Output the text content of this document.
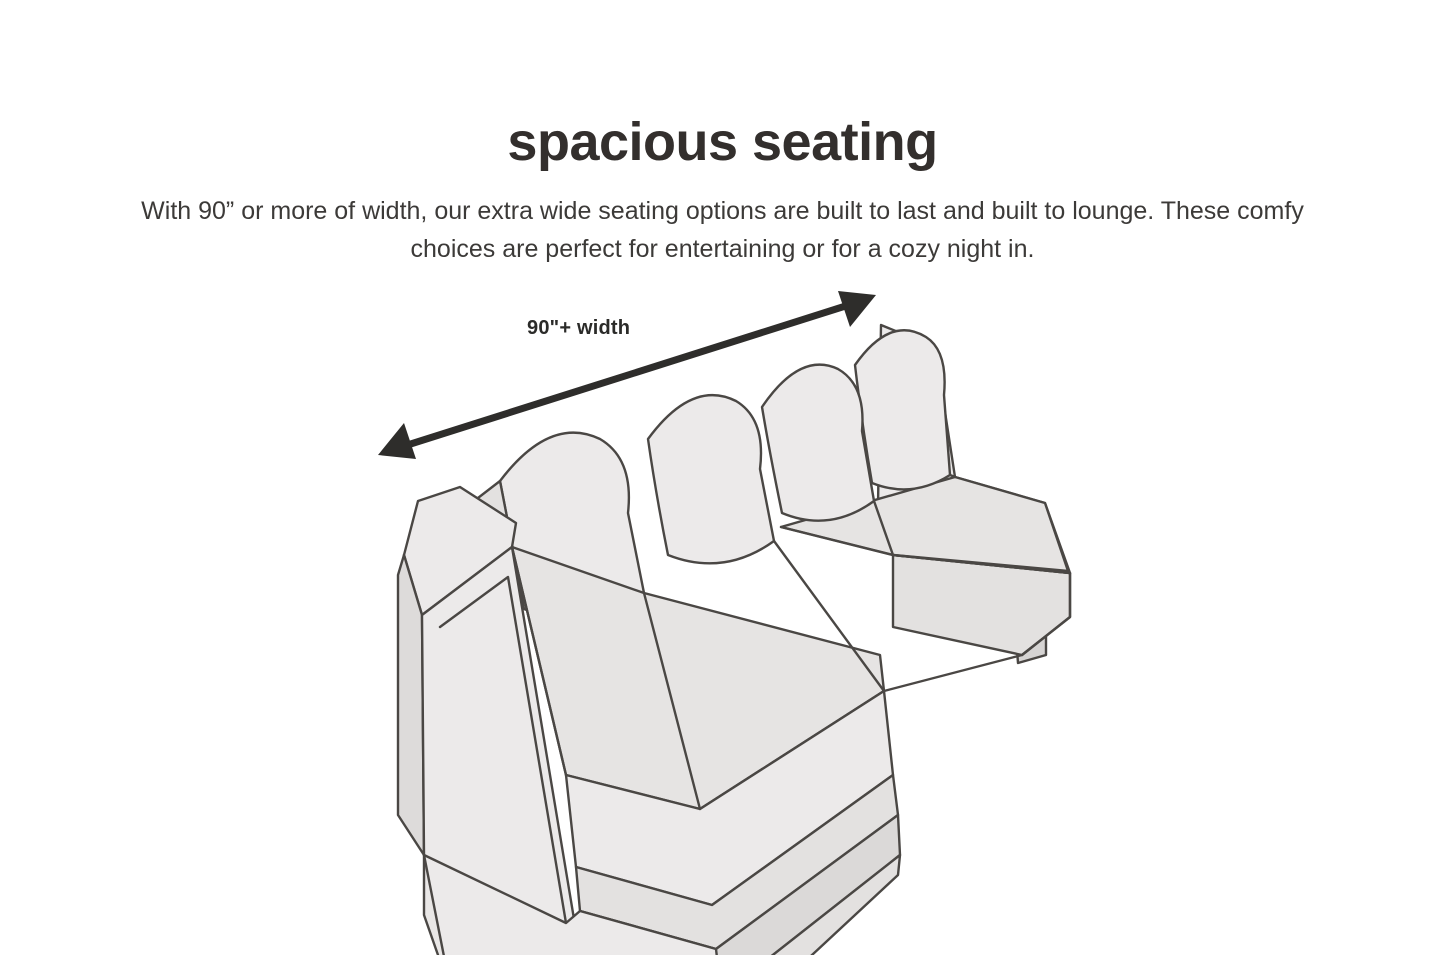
spacious seating

With 90” or more of width, our extra wide seating options are built to last and built to lounge. These comfy choices are perfect for entertaining or for a cozy night in.

90"+ width
